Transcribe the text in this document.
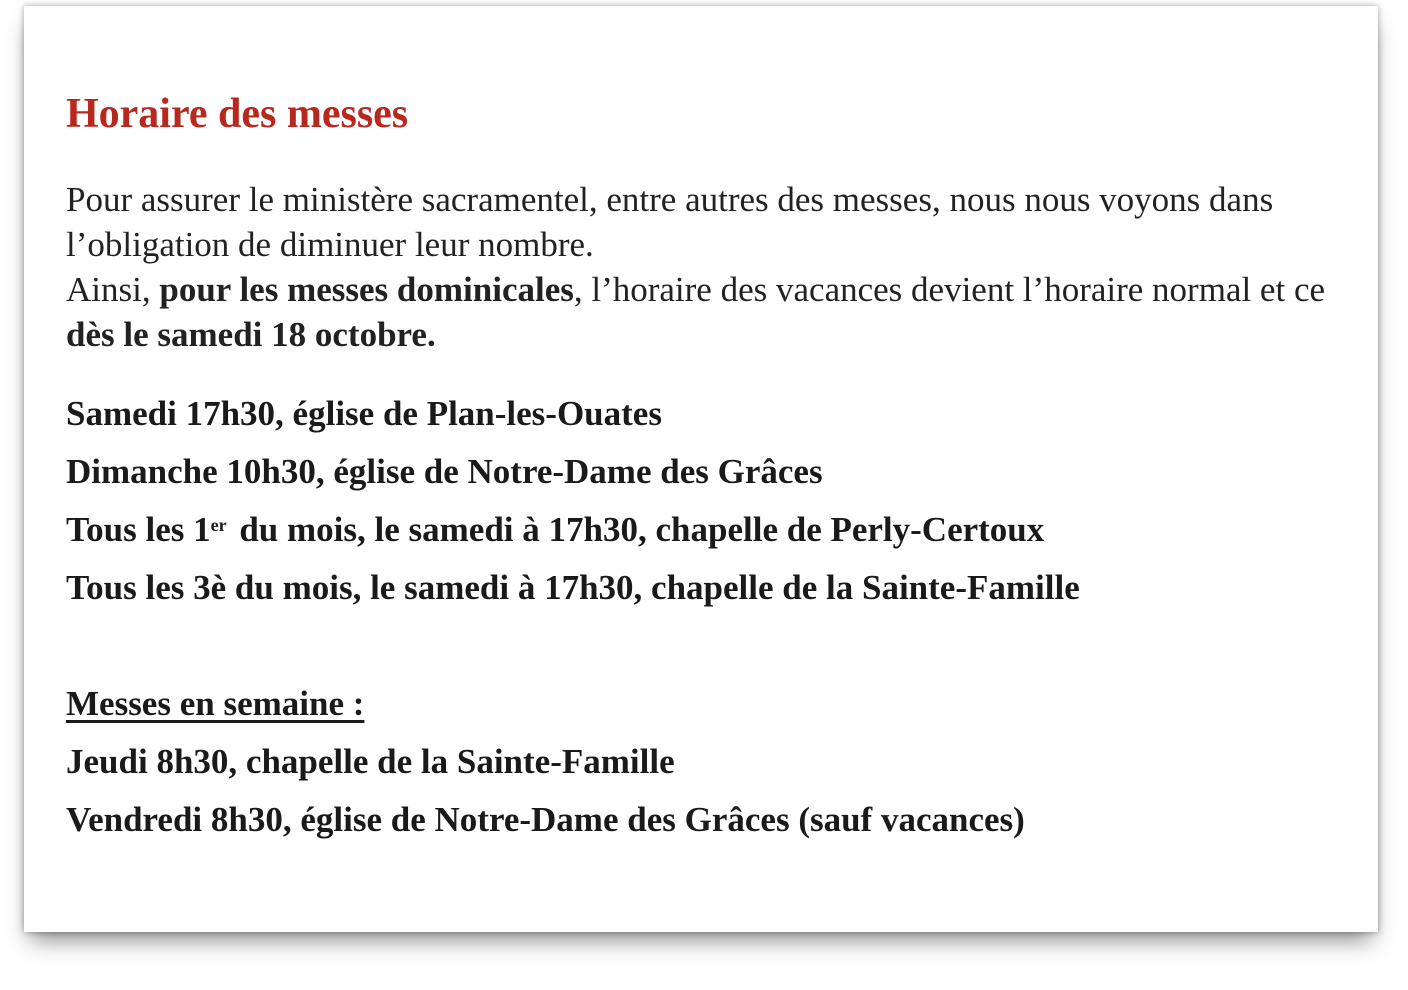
Horaire des messes

Pour assurer le ministère sacramentel, entre autres des messes, nous nous voyons dans l’obligation de diminuer leur nombre.
Ainsi, pour les messes dominicales, l’horaire des vacances devient l’horaire normal et ce dès le samedi 18 octobre.

Samedi 17h30, église de Plan-les-Ouates
Dimanche 10h30, église de Notre-Dame des Grâces
Tous les 1er du mois, le samedi à 17h30, chapelle de Perly-Certoux
Tous les 3è du mois, le samedi à 17h30, chapelle de la Sainte-Famille
Messes en semaine :
Jeudi 8h30, chapelle de la Sainte-Famille
Vendredi 8h30, église de Notre-Dame des Grâces (sauf vacances)
